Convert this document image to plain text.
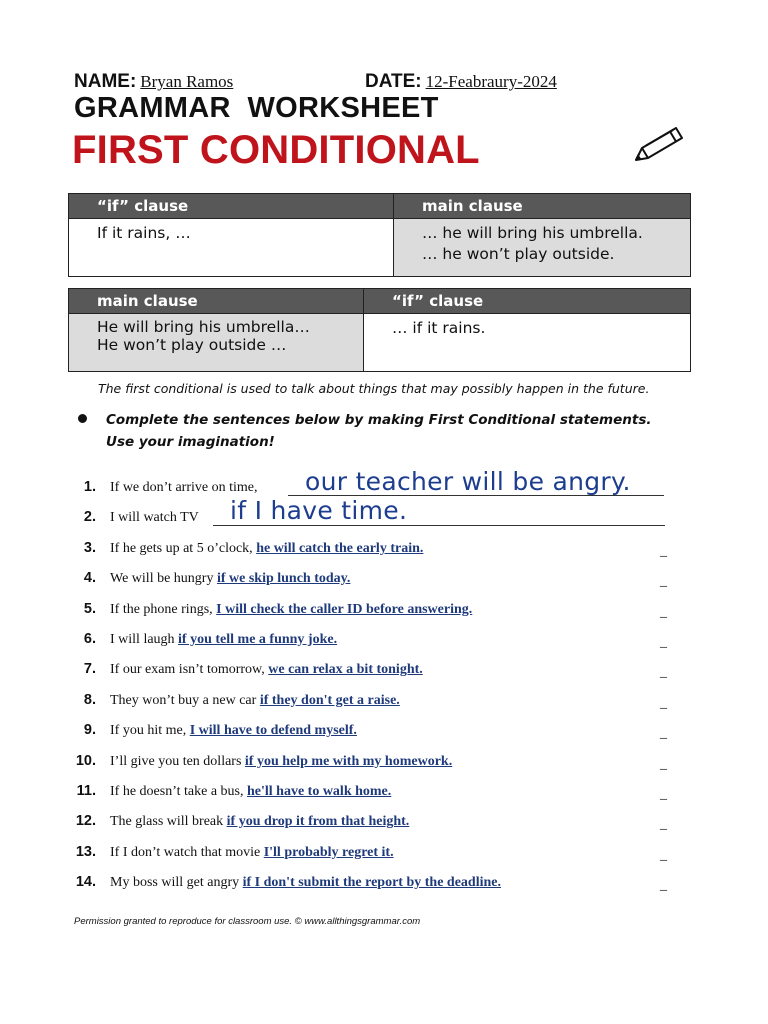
NAME: Bryan Ramos	DATE: 12-Feabraury-2024
GRAMMAR  WORKSHEET
FIRST CONDITIONAL
“if” clause	main clause

If it rains, …	… he will bring his umbrella.
… he won’t play outside.
main clause	“if” clause

He will bring his umbrella…
He won’t play outside …	… if it rains.
The first conditional is used to talk about things that may possibly happen in the future.
Complete the sentences below by making First Conditional statements. Use your imagination!
1. If we don’t arrive on time, our teacher will be angry.
2. I will watch TV if I have time.
3. If he gets up at 5 o’clock, he will catch the early train.	_
4. We will be hungry if we skip lunch today.	_
5. If the phone rings, I will check the caller ID before answering.	_
6. I will laugh if you tell me a funny joke.	_
7. If our exam isn’t tomorrow, we can relax a bit tonight.	_
8. They won’t buy a new car if they don't get a raise.	_
9. If you hit me, I will have to defend myself.	_
10. I’ll give you ten dollars if you help me with my homework.	_
11. If he doesn’t take a bus, he'll have to walk home.	_
12. The glass will break if you drop it from that height.	_
13. If I don’t watch that movie I'll probably regret it.	_
14. My boss will get angry if I don't submit the report by the deadline.	_
Permission granted to reproduce for classroom use. © www.allthingsgrammar.com
